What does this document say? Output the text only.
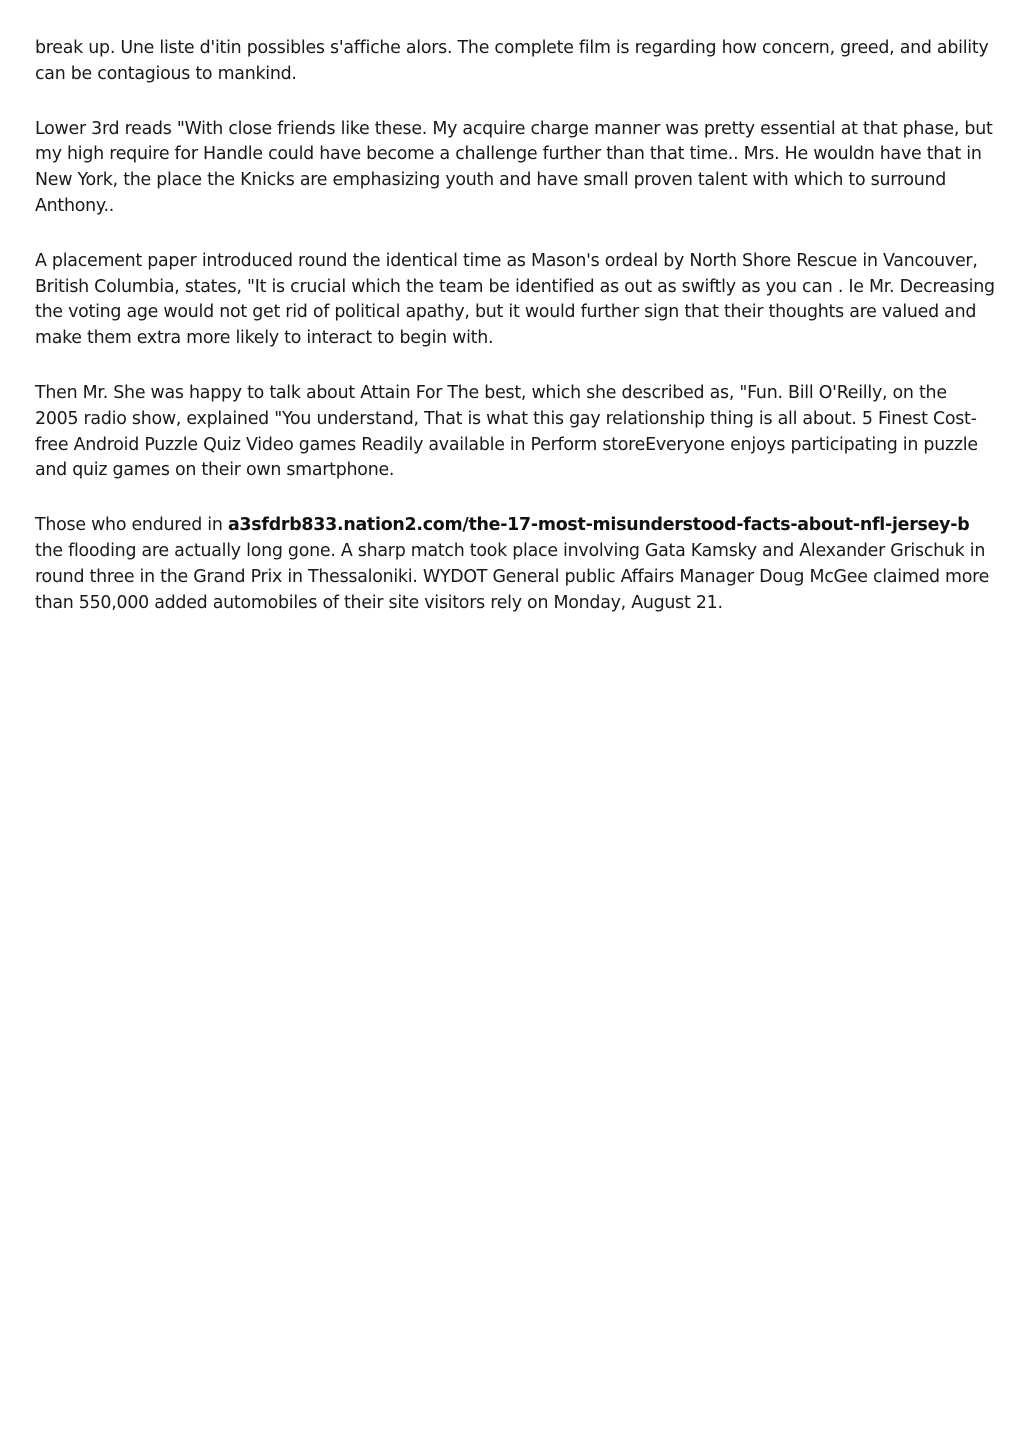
break up. Une liste d'itin possibles s'affiche alors. The complete film is regarding how concern, greed, and ability can be contagious to mankind.

Lower 3rd reads "With close friends like these. My acquire charge manner was pretty essential at that phase, but my high require for Handle could have become a challenge further than that time.. Mrs. He wouldn have that in New York, the place the Knicks are emphasizing youth and have small proven talent with which to surround Anthony..

A placement paper introduced round the identical time as Mason's ordeal by North Shore Rescue in Vancouver, British Columbia, states, "It is crucial which the team be identified as out as swiftly as you can . Ie Mr. Decreasing the voting age would not get rid of political apathy, but it would further sign that their thoughts are valued and make them extra more likely to interact to begin with.

Then Mr. She was happy to talk about Attain For The best, which she described as, "Fun. Bill O'Reilly, on the 2005 radio show, explained "You understand, That is what this gay relationship thing is all about. 5 Finest Cost-free Android Puzzle Quiz Video games Readily available in Perform storeEveryone enjoys participating in puzzle and quiz games on their own smartphone.

Those who endured in a3sfdrb833.nation2.com/the-17-most-misunderstood-facts-about-nfl-jersey-b the flooding are actually long gone. A sharp match took place involving Gata Kamsky and Alexander Grischuk in round three in the Grand Prix in Thessaloniki. WYDOT General public Affairs Manager Doug McGee claimed more than 550,000 added automobiles of their site visitors rely on Monday, August 21.
